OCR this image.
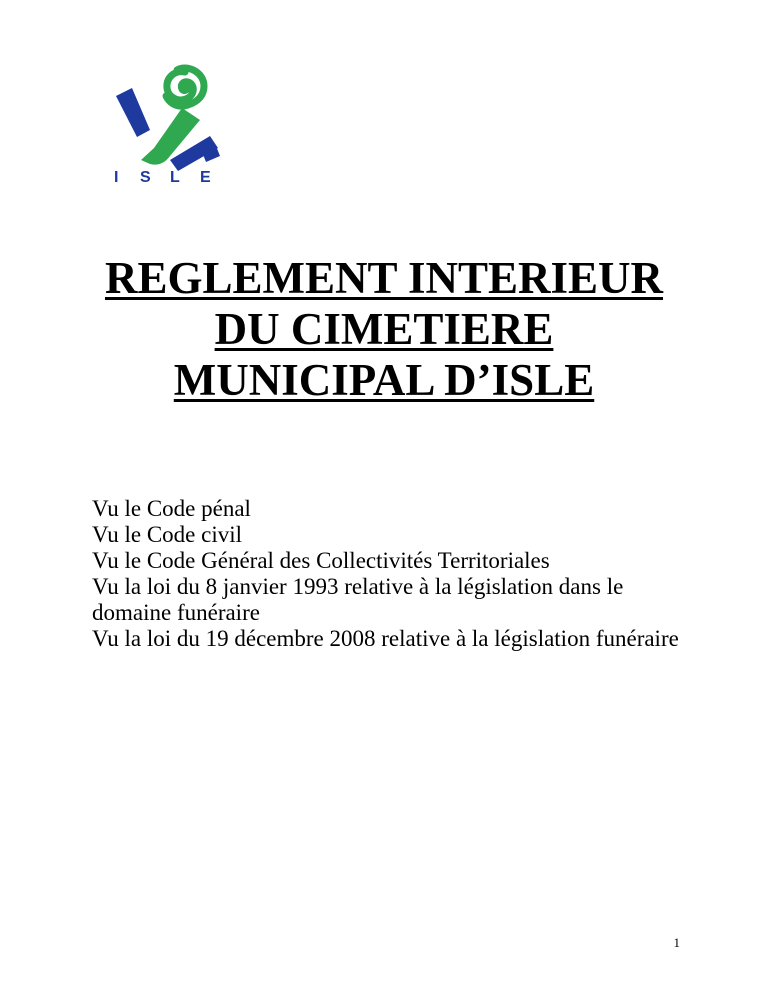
I S L E
REGLEMENT INTERIEUR
DU CIMETIERE
MUNICIPAL D’ISLE
Vu le Code pénal
Vu le Code civil
Vu le Code Général des Collectivités Territoriales
Vu la loi du 8 janvier 1993 relative à la législation dans le domaine funéraire
Vu la loi du 19 décembre 2008 relative à la législation funéraire
1
